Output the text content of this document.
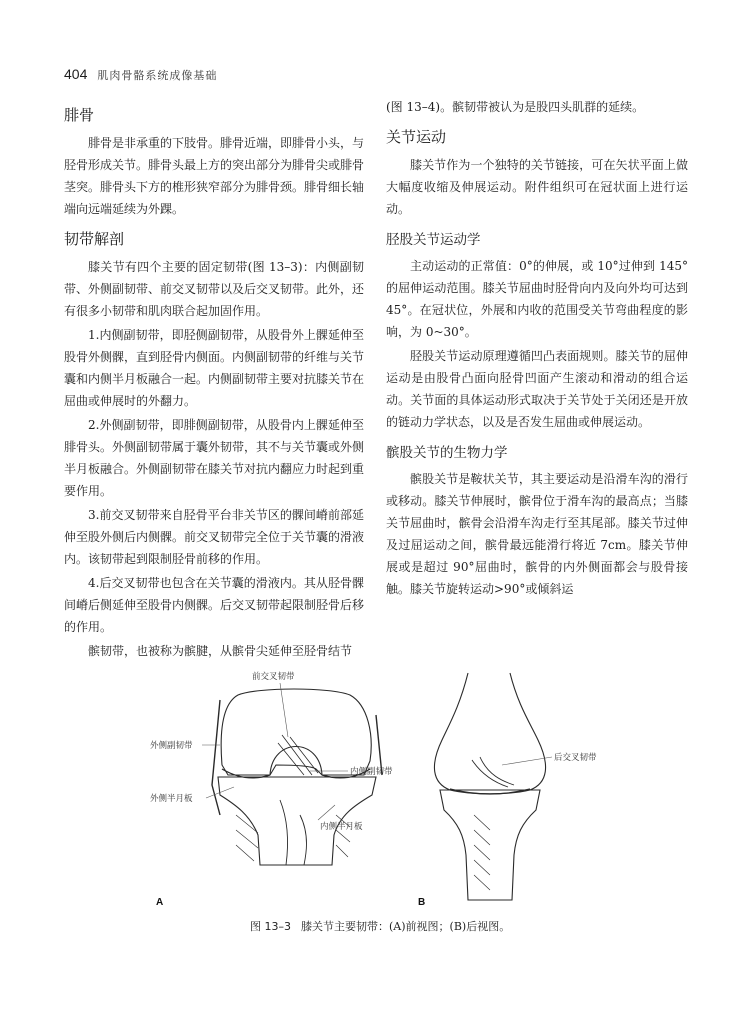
404 肌肉骨骼系统成像基础
腓骨

腓骨是非承重的下肢骨。腓骨近端，即腓骨小头，与胫骨形成关节。腓骨头最上方的突出部分为腓骨尖或腓骨茎突。腓骨头下方的椎形狭窄部分为腓骨颈。腓骨细长轴端向远端延续为外踝。

韧带解剖

膝关节有四个主要的固定韧带(图 13–3)：内侧副韧带、外侧副韧带、前交叉韧带以及后交叉韧带。此外，还有很多小韧带和肌肉联合起加固作用。

1.内侧副韧带，即胫侧副韧带，从股骨外上髁延伸至股骨外侧髁，直到胫骨内侧面。内侧副韧带的纤维与关节囊和内侧半月板融合一起。内侧副韧带主要对抗膝关节在屈曲或伸展时的外翻力。

2.外侧副韧带，即腓侧副韧带，从股骨内上髁延伸至腓骨头。外侧副韧带属于囊外韧带，其不与关节囊或外侧半月板融合。外侧副韧带在膝关节对抗内翻应力时起到重要作用。

3.前交叉韧带来自胫骨平台非关节区的髁间嵴前部延伸至股外侧后内侧髁。前交叉韧带完全位于关节囊的滑液内。该韧带起到限制胫骨前移的作用。

4.后交叉韧带也包含在关节囊的滑液内。其从胫骨髁间嵴后侧延伸至股骨内侧髁。后交叉韧带起限制胫骨后移的作用。

髌韧带，也被称为髌腱，从髌骨尖延伸至胫骨结节

(图 13–4)。髌韧带被认为是股四头肌群的延续。

关节运动

膝关节作为一个独特的关节链接，可在矢状平面上做大幅度收缩及伸展运动。附件组织可在冠状面上进行运动。

胫股关节运动学

主动运动的正常值：0°的伸展，或 10°过伸到 145°的屈伸运动范围。膝关节屈曲时胫骨向内及向外均可达到 45°。在冠状位，外展和内收的范围受关节弯曲程度的影响，为 0~30°。

胫股关节运动原理遵循凹凸表面规则。膝关节的屈伸运动是由股骨凸面向胫骨凹面产生滚动和滑动的组合运动。关节面的具体运动形式取决于关节处于关闭还是开放的链动力学状态，以及是否发生屈曲或伸展运动。

髌股关节的生物力学

髌股关节是鞍状关节，其主要运动是沿滑车沟的滑行或移动。膝关节伸展时，髌骨位于滑车沟的最高点；当膝关节屈曲时，髌骨会沿滑车沟走行至其尾部。膝关节过伸及过屈运动之间，髌骨最远能滑行将近 7cm。膝关节伸展或是超过 90°屈曲时，髌骨的内外侧面都会与股骨接触。膝关节旋转运动>90°或倾斜运

A	B
前交叉韧带
外侧副韧带
内侧副韧带
外侧半月板
内侧半月板
后交叉韧带
图 13–3 膝关节主要韧带：(A)前视图；(B)后视图。
